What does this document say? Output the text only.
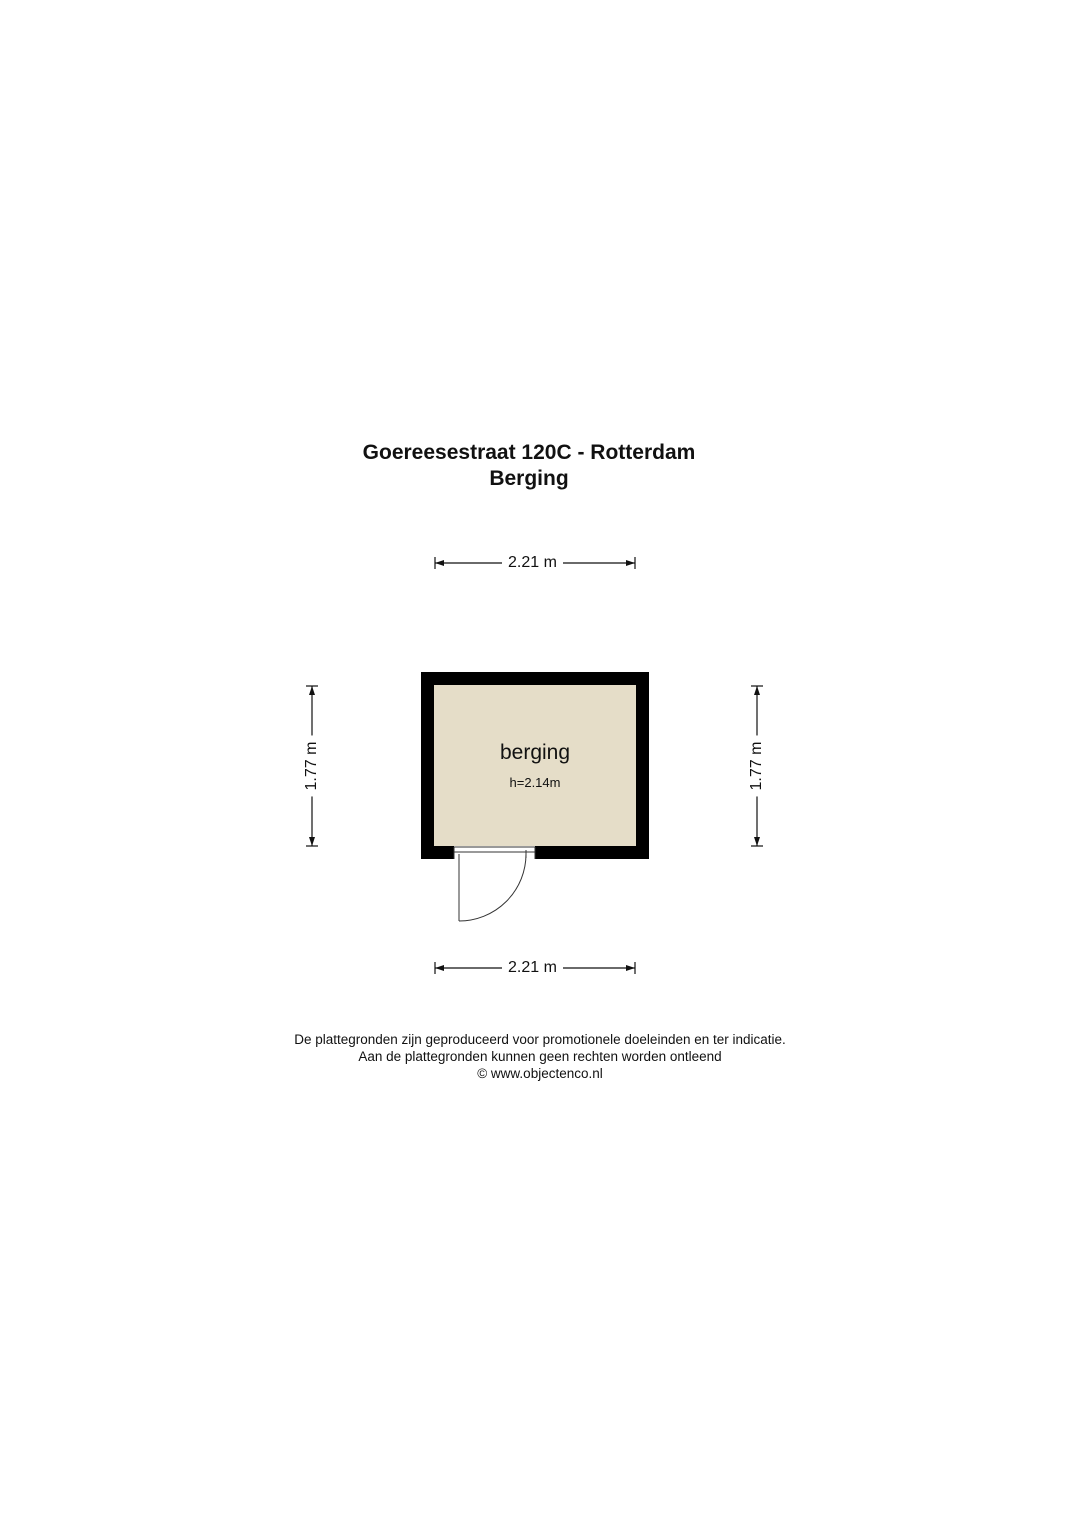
Goereesestraat 120C - Rotterdam
Berging
2.21 m
2.21 m
1.77 m	1.77 m
berging
h=2.14m
De plattegronden zijn geproduceerd voor promotionele doeleinden en ter indicatie.
Aan de plattegronden kunnen geen rechten worden ontleend
© www.objectenco.nl
